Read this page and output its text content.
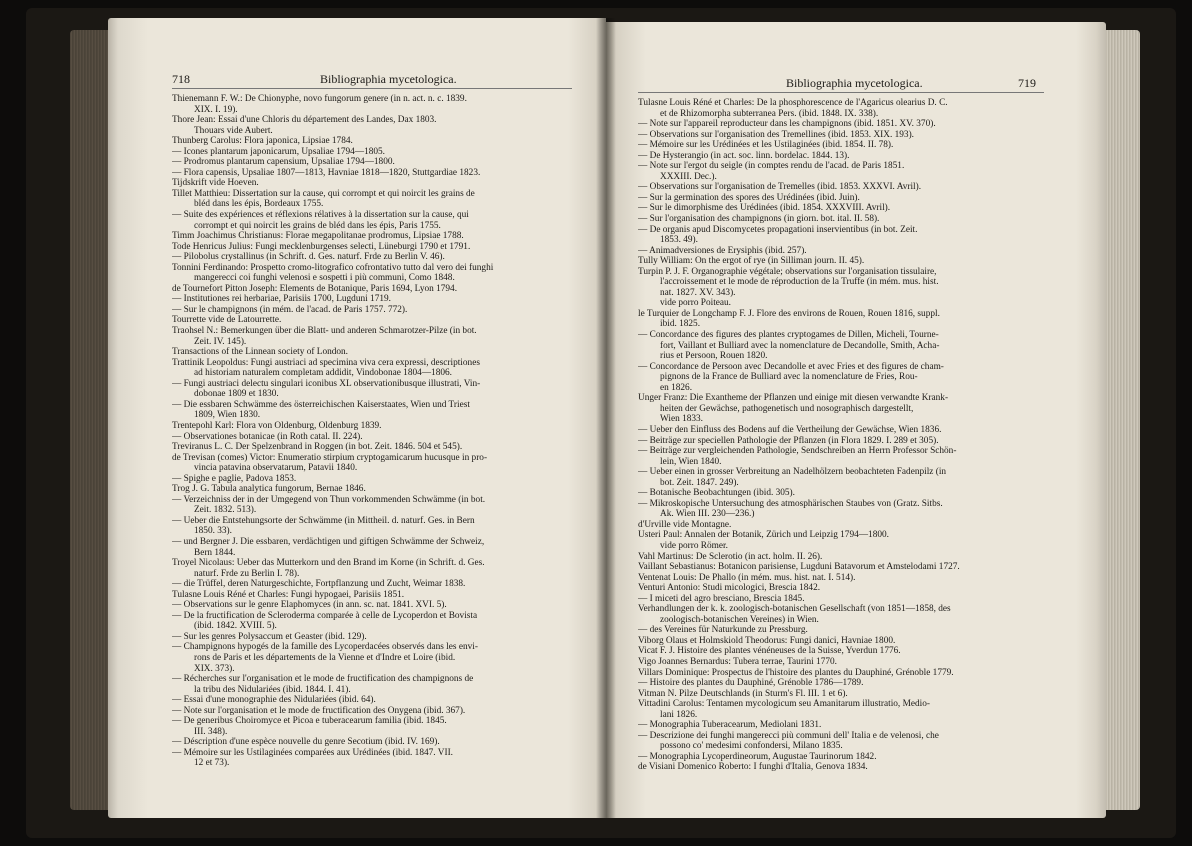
718	Bibliographia mycetologica.
Thienemann F. W.: De Chionyphe, novo fungorum genere (in n. act. n. c. 1839.
XIX. I. 19).
Thore Jean: Essai d'une Chloris du département des Landes, Dax 1803.
Thouars vide Aubert.
Thunberg Carolus: Flora japonica, Lipsiae 1784.
— Icones plantarum japonicarum, Upsaliae 1794—1805.
— Prodromus plantarum capensium, Upsaliae 1794—1800.
— Flora capensis, Upsaliae 1807—1813, Havniae 1818—1820, Stuttgardiae 1823.
Tijdskrift vide Hoeven.
Tillet Matthieu: Dissertation sur la cause, qui corrompt et qui noircit les grains de
bléd dans les épis, Bordeaux 1755.
— Suite des expériences et réflexions rélatives à la dissertation sur la cause, qui
corrompt et qui noircit les grains de bléd dans les épis, Paris 1755.
Timm Joachimus Christianus: Florae megapolitanae prodromus, Lipsiae 1788.
Tode Henricus Julius: Fungi mecklenburgenses selecti, Lüneburgi 1790 et 1791.
— Pilobolus crystallinus (in Schrift. d. Ges. naturf. Frde zu Berlin V. 46).
Tonnini Ferdinando: Prospetto cromo-litografico cofrontativo tutto dal vero dei funghi
mangerecci coi funghi velenosi e sospetti i più communi, Como 1848.
de Tournefort Pitton Joseph: Elements de Botanique, Paris 1694, Lyon 1794.
— Institutiones rei herbariae, Parisiis 1700, Lugduni 1719.
— Sur le champignons (in mém. de l'acad. de Paris 1757. 772).
Tourrette vide de Latourrette.
Traohsel N.: Bemerkungen über die Blatt- und anderen Schmarotzer-Pilze (in bot.
Zeit. IV. 145).
Transactions of the Linnean society of London.
Trattinik Leopoldus: Fungi austriaci ad specimina viva cera expressi, descriptiones
ad historiam naturalem completam addidit, Vindobonae 1804—1806.
— Fungi austriaci delectu singulari iconibus XL observationibusque illustrati, Vin-
dobonae 1809 et 1830.
— Die essbaren Schwämme des österreichischen Kaiserstaates, Wien und Triest
1809, Wien 1830.
Trentepohl Karl: Flora von Oldenburg, Oldenburg 1839.
— Observationes botanicae (in Roth catal. II. 224).
Treviranus L. C. Der Spelzenbrand in Roggen (in bot. Zeit. 1846. 504 et 545).
de Trevisan (comes) Victor: Enumeratio stirpium cryptogamicarum hucusque in pro-
vincia patavina observatarum, Patavii 1840.
— Spighe e paglie, Padova 1853.
Trog J. G. Tabula analytica fungorum, Bernae 1846.
— Verzeichniss der in der Umgegend von Thun vorkommenden Schwämme (in bot.
Zeit. 1832. 513).
— Ueber die Entstehungsorte der Schwämme (in Mittheil. d. naturf. Ges. in Bern
1850. 33).
— und Bergner J. Die essbaren, verdächtigen und giftigen Schwämme der Schweiz,
Bern 1844.
Troyel Nicolaus: Ueber das Mutterkorn und den Brand im Korne (in Schrift. d. Ges.
naturf. Frde zu Berlin I. 78).
— die Trüffel, deren Naturgeschichte, Fortpflanzung und Zucht, Weimar 1838.
Tulasne Louis Réné et Charles: Fungi hypogaei, Parisiis 1851.
— Observations sur le genre Elaphomyces (in ann. sc. nat. 1841. XVI. 5).
— De la fructification de Scleroderma comparée à celle de Lycoperdon et Bovista
(ibid. 1842. XVIII. 5).
— Sur les genres Polysaccum et Geaster (ibid. 129).
— Champignons hypogés de la famille des Lycoperdacées observés dans les envi-
rons de Paris et les départements de la Vienne et d'Indre et Loire (ibid.
XIX. 373).
— Récherches sur l'organisation et le mode de fructification des champignons de
la tribu des Nidulariées (ibid. 1844. I. 41).
— Essai d'une monographie des Nidulariées (ibid. 64).
— Note sur l'organisation et le mode de fructification des Onygena (ibid. 367).
— De generibus Choiromyce et Picoa e tuberacearum familia (ibid. 1845.
III. 348).
— Déscription d'une espèce nouvelle du genre Secotium (ibid. IV. 169).
— Mémoire sur les Ustilaginées comparées aux Urédinées (ibid. 1847. VII.
12 et 73).
Bibliographia mycetologica.	719
Tulasne Louis Réné et Charles: De la phosphorescence de l'Agaricus olearius D. C.
et de Rhizomorpha subterranea Pers. (ibid. 1848. IX. 338).
— Note sur l'appareil reproducteur dans les champignons (ibid. 1851. XV. 370).
— Observations sur l'organisation des Tremellines (ibid. 1853. XIX. 193).
— Mémoire sur les Urédinées et les Ustilaginées (ibid. 1854. II. 78).
— De Hysterangio (in act. soc. linn. bordelac. 1844. 13).
— Note sur l'ergot du seigle (in comptes rendu de l'acad. de Paris 1851.
XXXIII. Dec.).
— Observations sur l'organisation de Tremelles (ibid. 1853. XXXVI. Avril).
— Sur la germination des spores des Urédinées (ibid. Juin).
— Sur le dimorphisme des Urédinées (ibid. 1854. XXXVIII. Avril).
— Sur l'organisation des champignons (in giorn. bot. ital. II. 58).
— De organis apud Discomycetes propagationi inservientibus (in bot. Zeit.
1853. 49).
— Animadversiones de Erysiphis (ibid. 257).
Tully William: On the ergot of rye (in Silliman journ. II. 45).
Turpin P. J. F. Organographie végétale; observations sur l'organisation tissulaire,
l'accroissement et le mode de réproduction de la Truffe (in mém. mus. hist.
nat. 1827. XV. 343).
vide porro Poiteau.
le Turquier de Longchamp F. J. Flore des environs de Rouen, Rouen 1816, suppl.
ibid. 1825.
— Concordance des figures des plantes cryptogames de Dillen, Micheli, Tourne-
fort, Vaillant et Bulliard avec la nomenclature de Decandolle, Smith, Acha-
rius et Persoon, Rouen 1820.
— Concordance de Persoon avec Decandolle et avec Fries et des figures de cham-
pignons de la France de Bulliard avec la nomenclature de Fries, Rou-
en 1826.
Unger Franz: Die Exantheme der Pflanzen und einige mit diesen verwandte Krank-
heiten der Gewächse, pathogenetisch und nosographisch dargestellt,
Wien 1833.
— Ueber den Einfluss des Bodens auf die Vertheilung der Gewächse, Wien 1836.
— Beiträge zur speciellen Pathologie der Pflanzen (in Flora 1829. I. 289 et 305).
— Beiträge zur vergleichenden Pathologie, Sendschreiben an Herrn Professor Schön-
lein, Wien 1840.
— Ueber einen in grosser Verbreitung an Nadelhölzern beobachteten Fadenpilz (in
bot. Zeit. 1847. 249).
— Botanische Beobachtungen (ibid. 305).
— Mikroskopische Untersuchung des atmosphärischen Staubes von (Gratz. Sitbs.
Ak. Wien III. 230—236.)
d'Urville vide Montagne.
Usteri Paul: Annalen der Botanik, Zürich und Leipzig 1794—1800.
vide porro Römer.
Vahl Martinus: De Sclerotio (in act. holm. II. 26).
Vaillant Sebastianus: Botanicon parisiense, Lugduni Batavorum et Amstelodami 1727.
Ventenat Louis: De Phallo (in mém. mus. hist. nat. I. 514).
Venturi Antonio: Studi micologici, Brescia 1842.
— I miceti del agro bresciano, Brescia 1845.
Verhandlungen der k. k. zoologisch-botanischen Gesellschaft (von 1851—1858, des
zoologisch-botanischen Vereines) in Wien.
— des Vereines für Naturkunde zu Pressburg.
Viborg Olaus et Holmskiold Theodorus: Fungi danici, Havniae 1800.
Vicat F. J. Histoire des plantes vénéneuses de la Suisse, Yverdun 1776.
Vigo Joannes Bernardus: Tubera terrae, Taurini 1770.
Villars Dominique: Prospectus de l'histoire des plantes du Dauphiné, Grénoble 1779.
— Histoire des plantes du Dauphiné, Grénoble 1786—1789.
Vitman N. Pilze Deutschlands (in Sturm's Fl. III. 1 et 6).
Vittadini Carolus: Tentamen mycologicum seu Amanitarum illustratio, Medio-
lani 1826.
— Monographia Tuberacearum, Mediolani 1831.
— Descrizione dei funghi mangerecci più communi dell' Italia e de velenosi, che
possono co' medesimi confondersi, Milano 1835.
— Monographia Lycoperdineorum, Augustae Taurinorum 1842.
de Visiani Domenico Roberto: I funghi d'Italia, Genova 1834.
